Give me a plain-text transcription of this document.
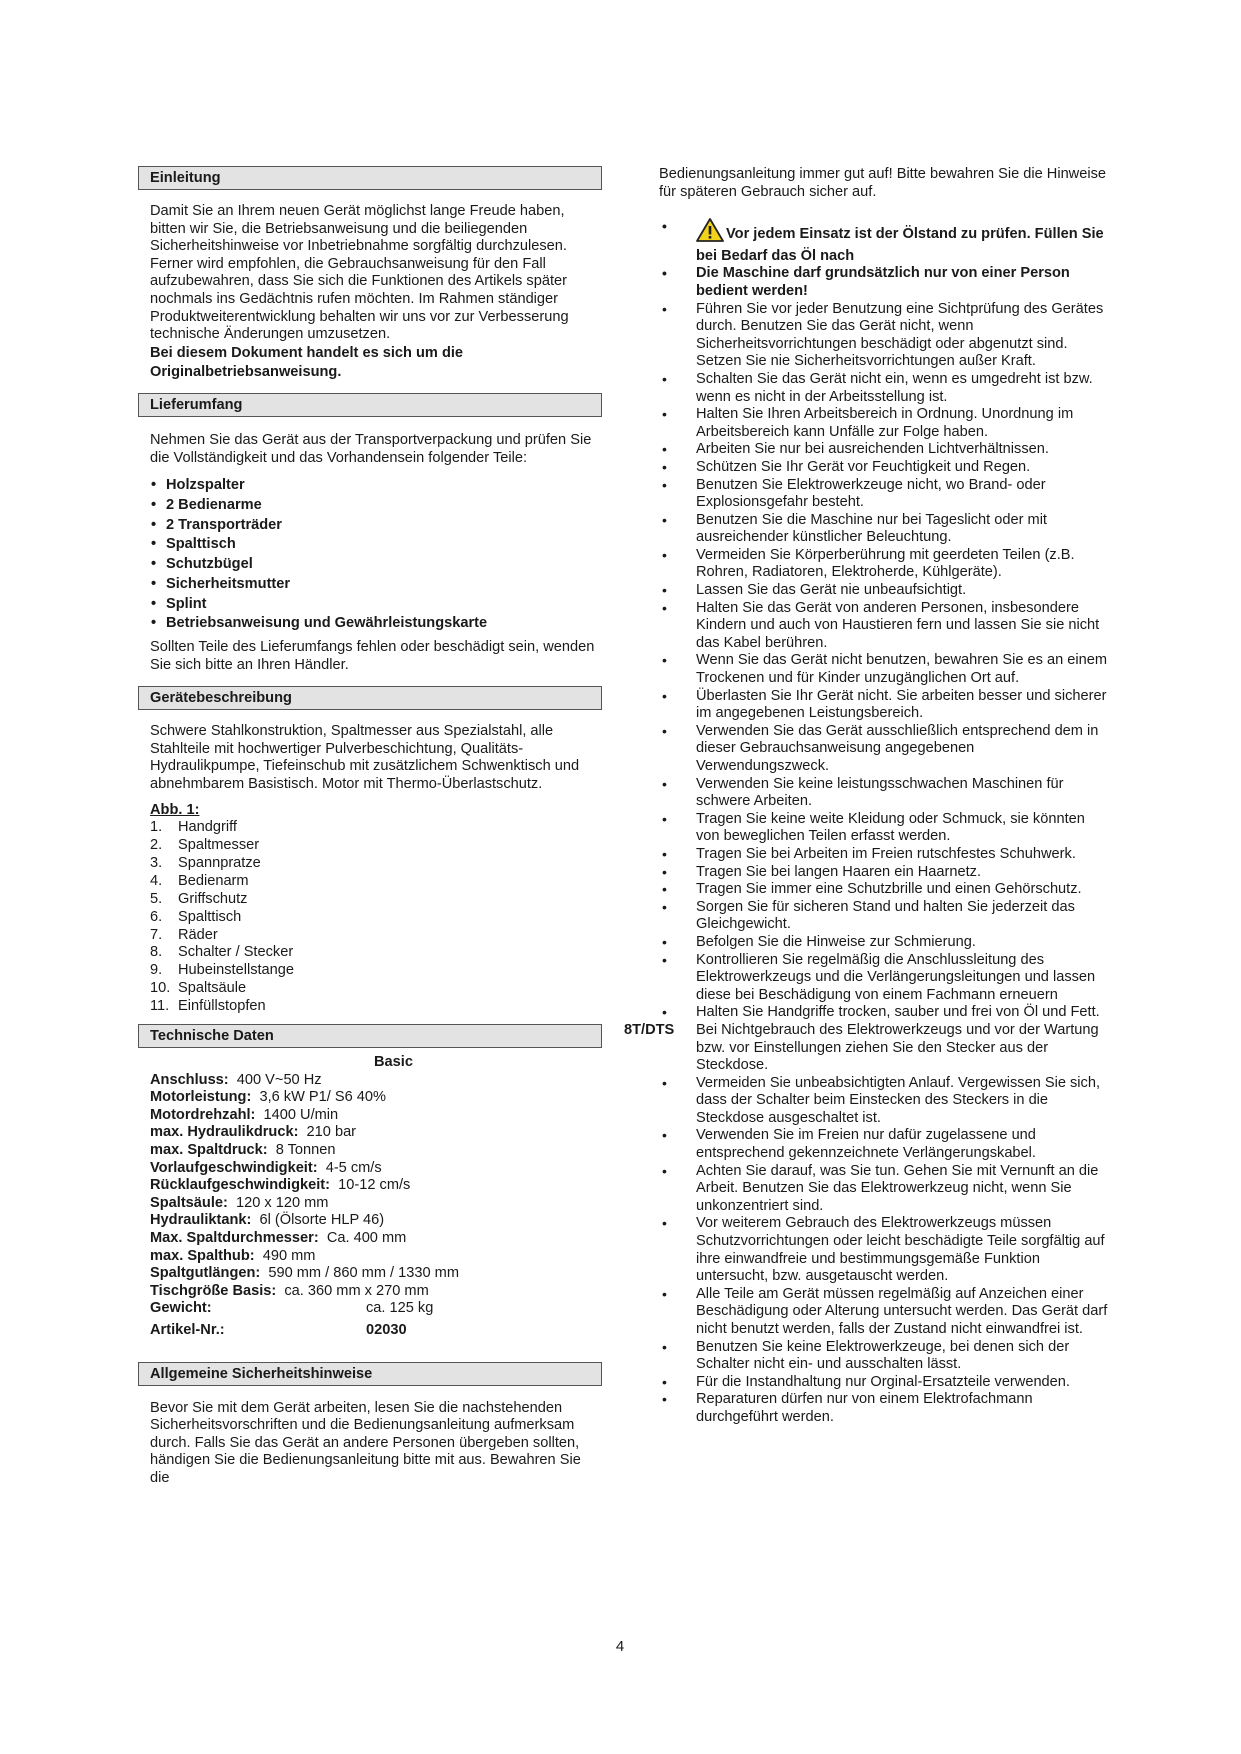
Einleitung

Damit Sie an Ihrem neuen Gerät möglichst lange Freude haben, bitten wir Sie, die Betriebsanweisung und die beiliegenden Sicherheitshinweise vor Inbetriebnahme sorgfältig durchzulesen. Ferner wird empfohlen, die Gebrauchsanweisung für den Fall aufzubewahren, dass Sie sich die Funktionen des Artikels später nochmals ins Gedächtnis rufen möchten. Im Rahmen ständiger Produktweiterentwicklung behalten wir uns vor zur Verbesserung technische Änderungen umzusetzen.

Bei diesem Dokument handelt es sich um die Originalbetriebsanweisung.

Lieferumfang

Nehmen Sie das Gerät aus der Transportverpackung und prüfen Sie die Vollständigkeit und das Vorhandensein folgender Teile:

• Holzspalter
• 2 Bedienarme
• 2 Transporträder
• Spalttisch
• Schutzbügel
• Sicherheitsmutter
• Splint
• Betriebsanweisung und Gewährleistungskarte

Sollten Teile des Lieferumfangs fehlen oder beschädigt sein, wenden Sie sich bitte an Ihren Händler.

Gerätebeschreibung

Schwere Stahlkonstruktion, Spaltmesser aus Spezialstahl, alle Stahlteile mit hochwertiger Pulverbeschichtung, Qualitäts-Hydraulikpumpe, Tiefeinschub mit zusätzlichem Schwenktisch und abnehmbarem Basistisch. Motor mit Thermo-Überlastschutz.

Abb. 1:

1.	Handgriff
2.	Spaltmesser
3.	Spannpratze
4.	Bedienarm
5.	Griffschutz
6.	Spalttisch
7.	Räder
8.	Schalter / Stecker
9.	Hubeinstellstange
10. Spaltsäule
11. Einfüllstopfen
Technische Daten
Basic
Anschluss: 400 V~50 Hz
Motorleistung: 3,6 kW P1/ S6 40%
Motordrehzahl: 1400 U/min
max. Hydraulikdruck: 210 bar
max. Spaltdruck: 8 Tonnen
Vorlaufgeschwindigkeit: 4-5 cm/s
Rücklaufgeschwindigkeit: 10-12 cm/s
Spaltsäule: 120 x 120 mm
Hydrauliktank: 6l (Ölsorte HLP 46)
Max. Spaltdurchmesser: Ca. 400 mm
max. Spalthub: 490 mm
Spaltgutlängen: 590 mm / 860 mm / 1330 mm
Tischgröße Basis: ca. 360 mm x 270 mm
Gewicht:	ca. 125 kg
Artikel-Nr.:	02030
Allgemeine Sicherheitshinweise

Bevor Sie mit dem Gerät arbeiten, lesen Sie die nachstehenden Sicherheitsvorschriften und die Bedienungsanleitung aufmerksam durch. Falls Sie das Gerät an andere Personen übergeben sollten, händigen Sie die Bedienungsanleitung bitte mit aus. Bewahren Sie die

Bedienungsanleitung immer gut auf! Bitte bewahren Sie die Hinweise für späteren Gebrauch sicher auf.

• Vor jedem Einsatz ist der Ölstand zu prüfen. Füllen Sie bei Bedarf das Öl nach
• Die Maschine darf grundsätzlich nur von einer Person bedient werden!
• Führen Sie vor jeder Benutzung eine Sichtprüfung des Gerätes durch. Benutzen Sie das Gerät nicht, wenn Sicherheitsvorrichtungen beschädigt oder abgenutzt sind. Setzen Sie nie Sicherheitsvorrichtungen außer Kraft.
• Schalten Sie das Gerät nicht ein, wenn es umgedreht ist bzw. wenn es nicht in der Arbeitsstellung ist.
• Halten Sie Ihren Arbeitsbereich in Ordnung. Unordnung im Arbeitsbereich kann Unfälle zur Folge haben.
• Arbeiten Sie nur bei ausreichenden Lichtverhältnissen.
• Schützen Sie Ihr Gerät vor Feuchtigkeit und Regen.
• Benutzen Sie Elektrowerkzeuge nicht, wo Brand- oder Explosionsgefahr besteht.
• Benutzen Sie die Maschine nur bei Tageslicht oder mit ausreichender künstlicher Beleuchtung.
• Vermeiden Sie Körperberührung mit geerdeten Teilen (z.B. Rohren, Radiatoren, Elektroherde, Kühlgeräte).
• Lassen Sie das Gerät nie unbeaufsichtigt.
• Halten Sie das Gerät von anderen Personen, insbesondere Kindern und auch von Haustieren fern und lassen Sie sie nicht das Kabel berühren.
• Wenn Sie das Gerät nicht benutzen, bewahren Sie es an einem Trockenen und für Kinder unzugänglichen Ort auf.
• Überlasten Sie Ihr Gerät nicht. Sie arbeiten besser und sicherer im angegebenen Leistungsbereich.
• Verwenden Sie das Gerät ausschließlich entsprechend dem in dieser Gebrauchsanweisung angegebenen Verwendungszweck.
• Verwenden Sie keine leistungsschwachen Maschinen für schwere Arbeiten.
• Tragen Sie keine weite Kleidung oder Schmuck, sie könnten von beweglichen Teilen erfasst werden.
• Tragen Sie bei Arbeiten im Freien rutschfestes Schuhwerk.
• Tragen Sie bei langen Haaren ein Haarnetz.
• Tragen Sie immer eine Schutzbrille und einen Gehörschutz.
• Sorgen Sie für sicheren Stand und halten Sie jederzeit das Gleichgewicht.
• Befolgen Sie die Hinweise zur Schmierung.
• Kontrollieren Sie regelmäßig die Anschlussleitung des Elektrowerkzeugs und die Verlängerungsleitungen und lassen diese bei Beschädigung von einem Fachmann erneuern
• Halten Sie Handgriffe trocken, sauber und frei von Öl und Fett.
8T/DTS Bei Nichtgebrauch des Elektrowerkzeugs und vor der Wartung bzw. vor Einstellungen ziehen Sie den Stecker aus der Steckdose.
• Vermeiden Sie unbeabsichtigten Anlauf. Vergewissen Sie sich, dass der Schalter beim Einstecken des Steckers in die Steckdose ausgeschaltet ist.
• Verwenden Sie im Freien nur dafür zugelassene und entsprechend gekennzeichnete Verlängerungskabel.
• Achten Sie darauf, was Sie tun. Gehen Sie mit Vernunft an die Arbeit. Benutzen Sie das Elektrowerkzeug nicht, wenn Sie unkonzentriert sind.
• Vor weiterem Gebrauch des Elektrowerkzeugs müssen Schutzvorrichtungen oder leicht beschädigte Teile sorgfältig auf ihre einwandfreie und bestimmungsgemäße Funktion untersucht, bzw. ausgetauscht werden.
• Alle Teile am Gerät müssen regelmäßig auf Anzeichen einer Beschädigung oder Alterung untersucht werden. Das Gerät darf nicht benutzt werden, falls der Zustand nicht einwandfrei ist.
• Benutzen Sie keine Elektrowerkzeuge, bei denen sich der Schalter nicht ein- und ausschalten lässt.
• Für die Instandhaltung nur Orginal-Ersatzteile verwenden.
• Reparaturen dürfen nur von einem Elektrofachmann durchgeführt werden.
4
